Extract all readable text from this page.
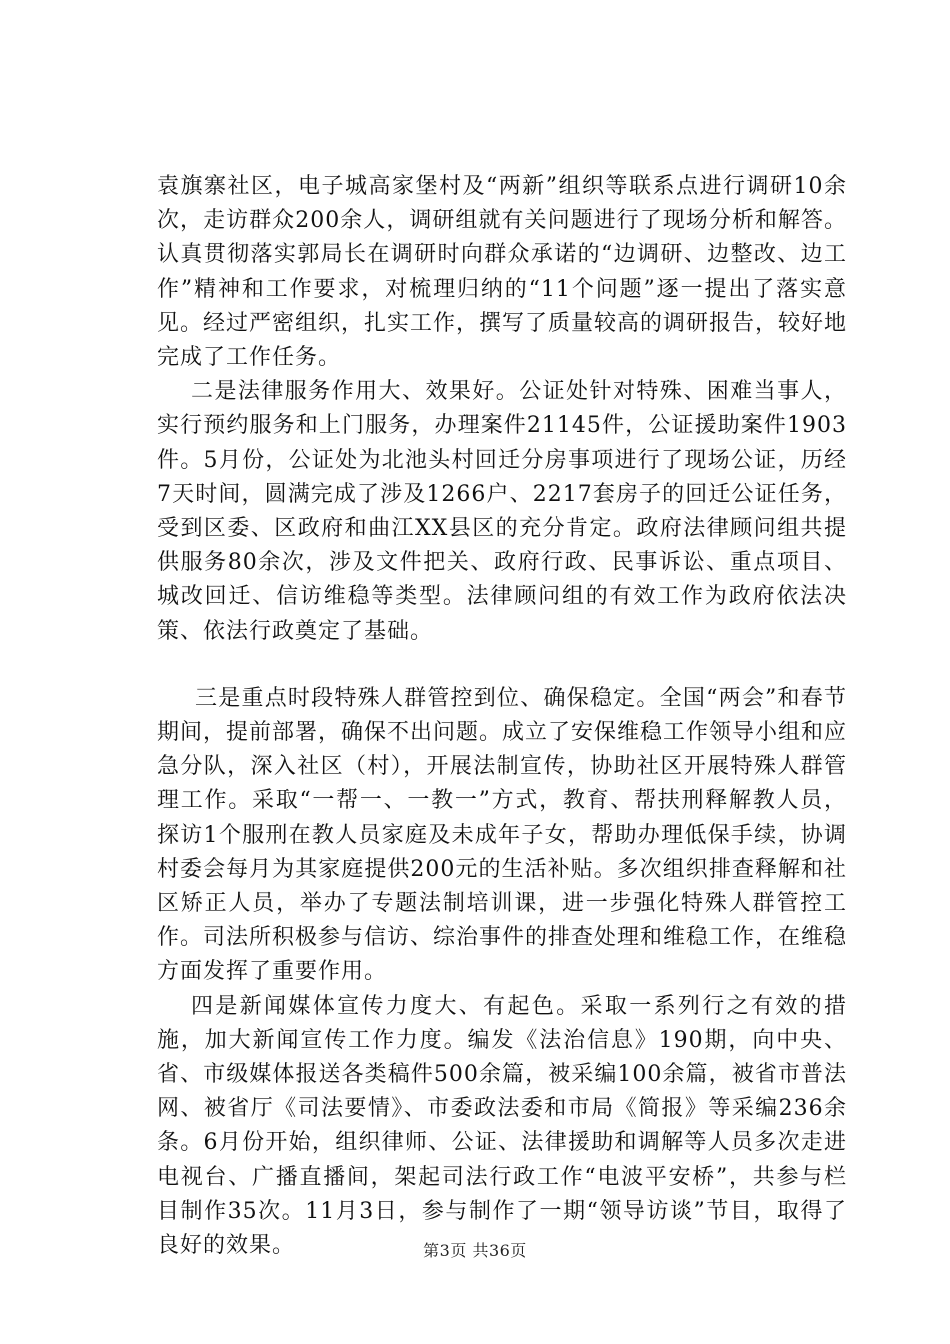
袁旗寨社区，电子城高家堡村及“两新”组织等联系点进行调研10余次，走访群众200余人，调研组就有关问题进行了现场分析和解答。认真贯彻落实郭局长在调研时向群众承诺的“边调研、边整改、边工作”精神和工作要求，对梳理归纳的“11个问题”逐一提出了落实意见。经过严密组织，扎实工作，撰写了质量较高的调研报告，较好地完成了工作任务。

二是法律服务作用大、效果好。公证处针对特殊、困难当事人，实行预约服务和上门服务，办理案件21145件，公证援助案件1903件。5月份，公证处为北池头村回迁分房事项进行了现场公证，历经7天时间，圆满完成了涉及1266户、2217套房子的回迁公证任务，受到区委、区政府和曲江XX县区的充分肯定。政府法律顾问组共提供服务80余次，涉及文件把关、政府行政、民事诉讼、重点项目、城改回迁、信访维稳等类型。法律顾问组的有效工作为政府依法决策、依法行政奠定了基础。

三是重点时段特殊人群管控到位、确保稳定。全国“两会”和春节期间，提前部署，确保不出问题。成立了安保维稳工作领导小组和应急分队，深入社区（村），开展法制宣传，协助社区开展特殊人群管理工作。采取“一帮一、一教一”方式，教育、帮扶刑释解教人员，探访1个服刑在教人员家庭及未成年子女，帮助办理低保手续，协调村委会每月为其家庭提供200元的生活补贴。多次组织排查释解和社区矫正人员，举办了专题法制培训课，进一步强化特殊人群管控工作。司法所积极参与信访、综治事件的排查处理和维稳工作，在维稳方面发挥了重要作用。

四是新闻媒体宣传力度大、有起色。采取一系列行之有效的措施，加大新闻宣传工作力度。编发《法治信息》190期，向中央、省、市级媒体报送各类稿件500余篇，被采编100余篇，被省市普法网、被省厅《司法要情》、市委政法委和市局《简报》等采编236余条。6月份开始，组织律师、公证、法律援助和调解等人员多次走进电视台、广播直播间，架起司法行政工作“电波平安桥”，共参与栏目制作35次。11月3日，参与制作了一期“领导访谈”节目，取得了良好的效果。	第3页 共36页
